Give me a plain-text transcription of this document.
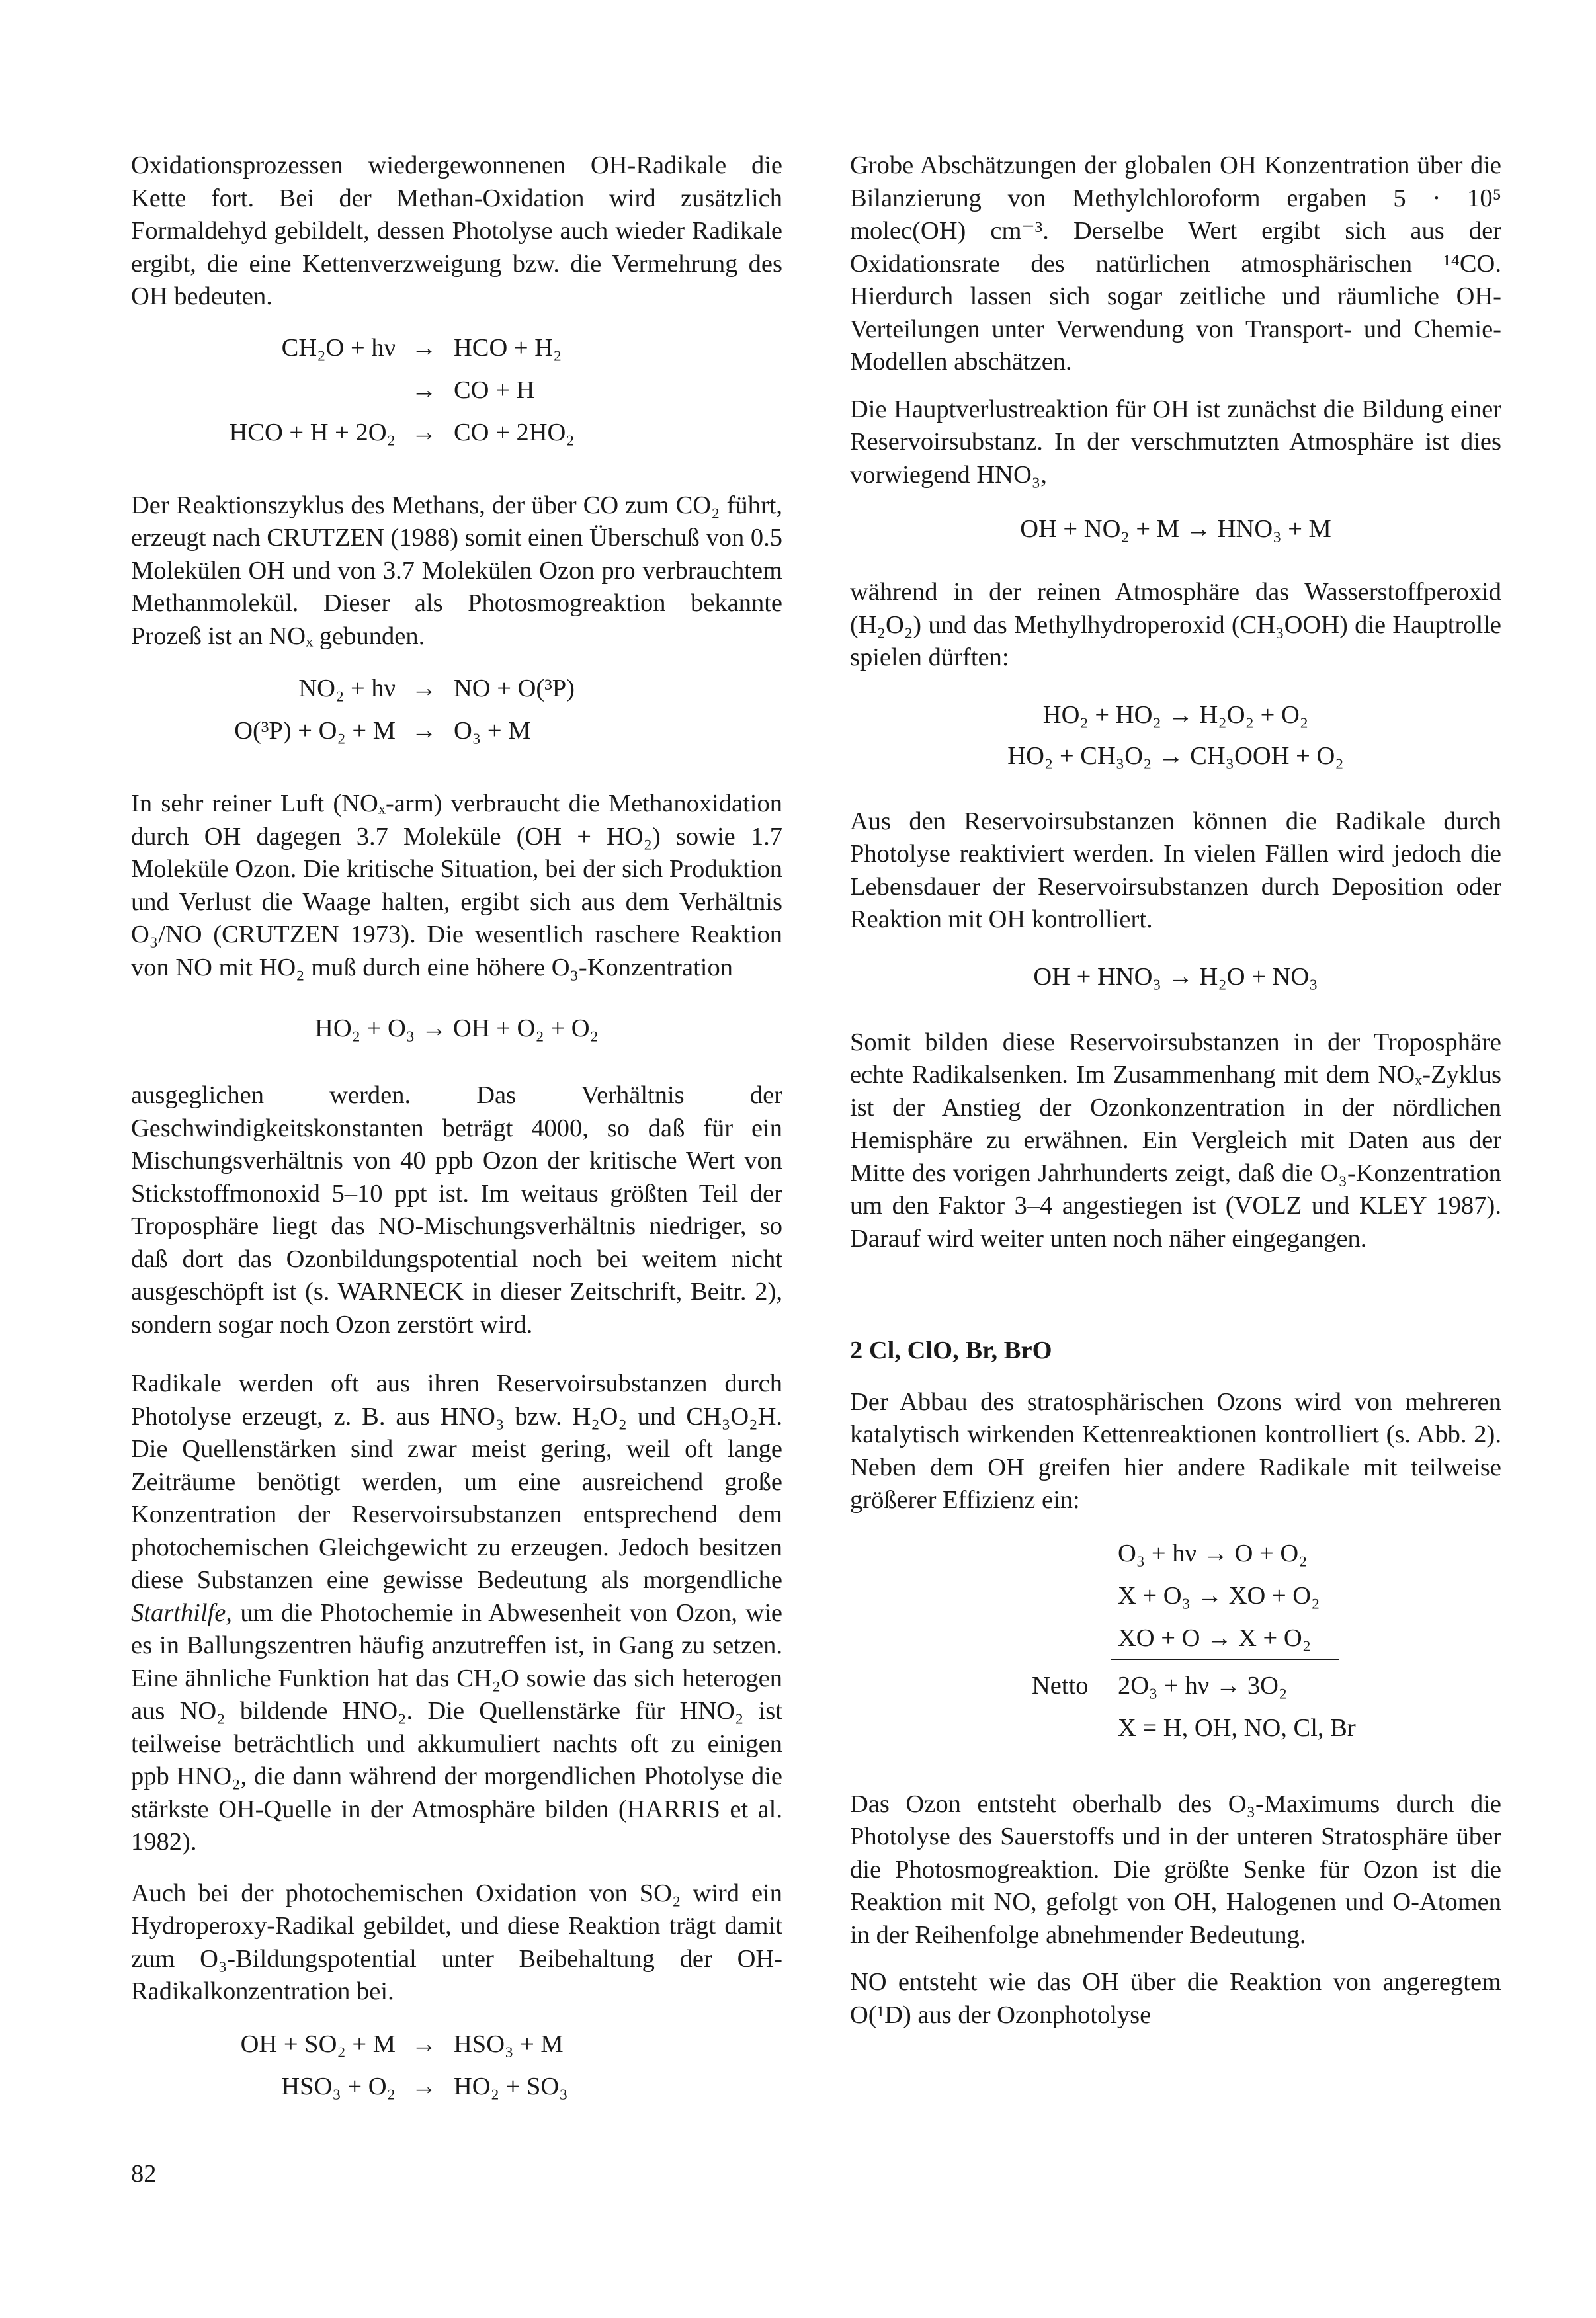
Oxidationsprozessen wiedergewonnenen OH-Radikale die Kette fort. Bei der Methan-Oxidation wird zusätzlich Formaldehyd gebildelt, dessen Photolyse auch wieder Radikale ergibt, die eine Kettenverzweigung bzw. die Vermehrung des OH bedeuten.

CH₂O + hν → HCO + H₂
→ CO + H
HCO + H + 2O₂ → CO + 2HO₂

Der Reaktionszyklus des Methans, der über CO zum CO₂ führt, erzeugt nach CRUTZEN (1988) somit einen Überschuß von 0.5 Molekülen OH und von 3.7 Molekülen Ozon pro verbrauchtem Methanmolekül. Dieser als Photosmogreaktion bekannte Prozeß ist an NOₓ gebunden.

NO₂ + hν → NO + O(³P)
O(³P) + O₂ + M → O₃ + M

In sehr reiner Luft (NOₓ-arm) verbraucht die Methanoxidation durch OH dagegen 3.7 Moleküle (OH + HO₂) sowie 1.7 Moleküle Ozon. Die kritische Situation, bei der sich Produktion und Verlust die Waage halten, ergibt sich aus dem Verhältnis O₃/NO (CRUTZEN 1973). Die wesentlich raschere Reaktion von NO mit HO₂ muß durch eine höhere O₃-Konzentration

HO₂ + O₃ → OH + O₂ + O₂

ausgeglichen werden. Das Verhältnis der Geschwindigkeitskonstanten beträgt 4000, so daß für ein Mischungsverhältnis von 40 ppb Ozon der kritische Wert von Stickstoffmonoxid 5–10 ppt ist. Im weitaus größten Teil der Troposphäre liegt das NO-Mischungsverhältnis niedriger, so daß dort das Ozonbildungspotential noch bei weitem nicht ausgeschöpft ist (s. WARNECK in dieser Zeitschrift, Beitr. 2), sondern sogar noch Ozon zerstört wird.

Radikale werden oft aus ihren Reservoirsubstanzen durch Photolyse erzeugt, z. B. aus HNO₃ bzw. H₂O₂ und CH₃O₂H. Die Quellenstärken sind zwar meist gering, weil oft lange Zeiträume benötigt werden, um eine ausreichend große Konzentration der Reservoirsubstanzen entsprechend dem photochemischen Gleichgewicht zu erzeugen. Jedoch besitzen diese Substanzen eine gewisse Bedeutung als morgendliche Starthilfe, um die Photochemie in Abwesenheit von Ozon, wie es in Ballungszentren häufig anzutreffen ist, in Gang zu setzen. Eine ähnliche Funktion hat das CH₂O sowie das sich heterogen aus NO₂ bildende HNO₂. Die Quellenstärke für HNO₂ ist teilweise beträchtlich und akkumuliert nachts oft zu einigen ppb HNO₂, die dann während der morgendlichen Photolyse die stärkste OH-Quelle in der Atmosphäre bilden (HARRIS et al. 1982).

Auch bei der photochemischen Oxidation von SO₂ wird ein Hydroperoxy-Radikal gebildet, und diese Reaktion trägt damit zum O₃-Bildungspotential unter Beibehaltung der OH-Radikalkonzentration bei.

OH + SO₂ + M → HSO₃ + M
HSO₃ + O₂ → HO₂ + SO₃

Grobe Abschätzungen der globalen OH Konzentration über die Bilanzierung von Methylchloroform ergaben 5 · 10⁵ molec(OH) cm⁻³. Derselbe Wert ergibt sich aus der Oxidationsrate des natürlichen atmosphärischen ¹⁴CO. Hierdurch lassen sich sogar zeitliche und räumliche OH-Verteilungen unter Verwendung von Transport- und Chemie-Modellen abschätzen.

Die Hauptverlustreaktion für OH ist zunächst die Bildung einer Reservoirsubstanz. In der verschmutzten Atmosphäre ist dies vorwiegend HNO₃,

OH + NO₂ + M → HNO₃ + M

während in der reinen Atmosphäre das Wasserstoffperoxid (H₂O₂) und das Methylhydroperoxid (CH₃OOH) die Hauptrolle spielen dürften:

HO₂ + HO₂ → H₂O₂ + O₂
HO₂ + CH₃O₂ → CH₃OOH + O₂

Aus den Reservoirsubstanzen können die Radikale durch Photolyse reaktiviert werden. In vielen Fällen wird jedoch die Lebensdauer der Reservoirsubstanzen durch Deposition oder Reaktion mit OH kontrolliert.

OH + HNO₃ → H₂O + NO₃

Somit bilden diese Reservoirsubstanzen in der Troposphäre echte Radikalsenken. Im Zusammenhang mit dem NOₓ-Zyklus ist der Anstieg der Ozonkonzentration in der nördlichen Hemisphäre zu erwähnen. Ein Vergleich mit Daten aus der Mitte des vorigen Jahrhunderts zeigt, daß die O₃-Konzentration um den Faktor 3–4 angestiegen ist (VOLZ und KLEY 1987). Darauf wird weiter unten noch näher eingegangen.

2 Cl, ClO, Br, BrO

Der Abbau des stratosphärischen Ozons wird von mehreren katalytisch wirkenden Kettenreaktionen kontrolliert (s. Abb. 2). Neben dem OH greifen hier andere Radikale mit teilweise größerer Effizienz ein:

O₃ + hν → O + O₂
X + O₃ → XO + O₂
XO + O → X + O₂
Netto 2O₃ + hν → 3O₂
X = H, OH, NO, Cl, Br

Das Ozon entsteht oberhalb des O₃-Maximums durch die Photolyse des Sauerstoffs und in der unteren Stratosphäre über die Photosmogreaktion. Die größte Senke für Ozon ist die Reaktion mit NO, gefolgt von OH, Halogenen und O-Atomen in der Reihenfolge abnehmender Bedeutung.

NO entsteht wie das OH über die Reaktion von angeregtem O(¹D) aus der Ozonphotolyse

82
